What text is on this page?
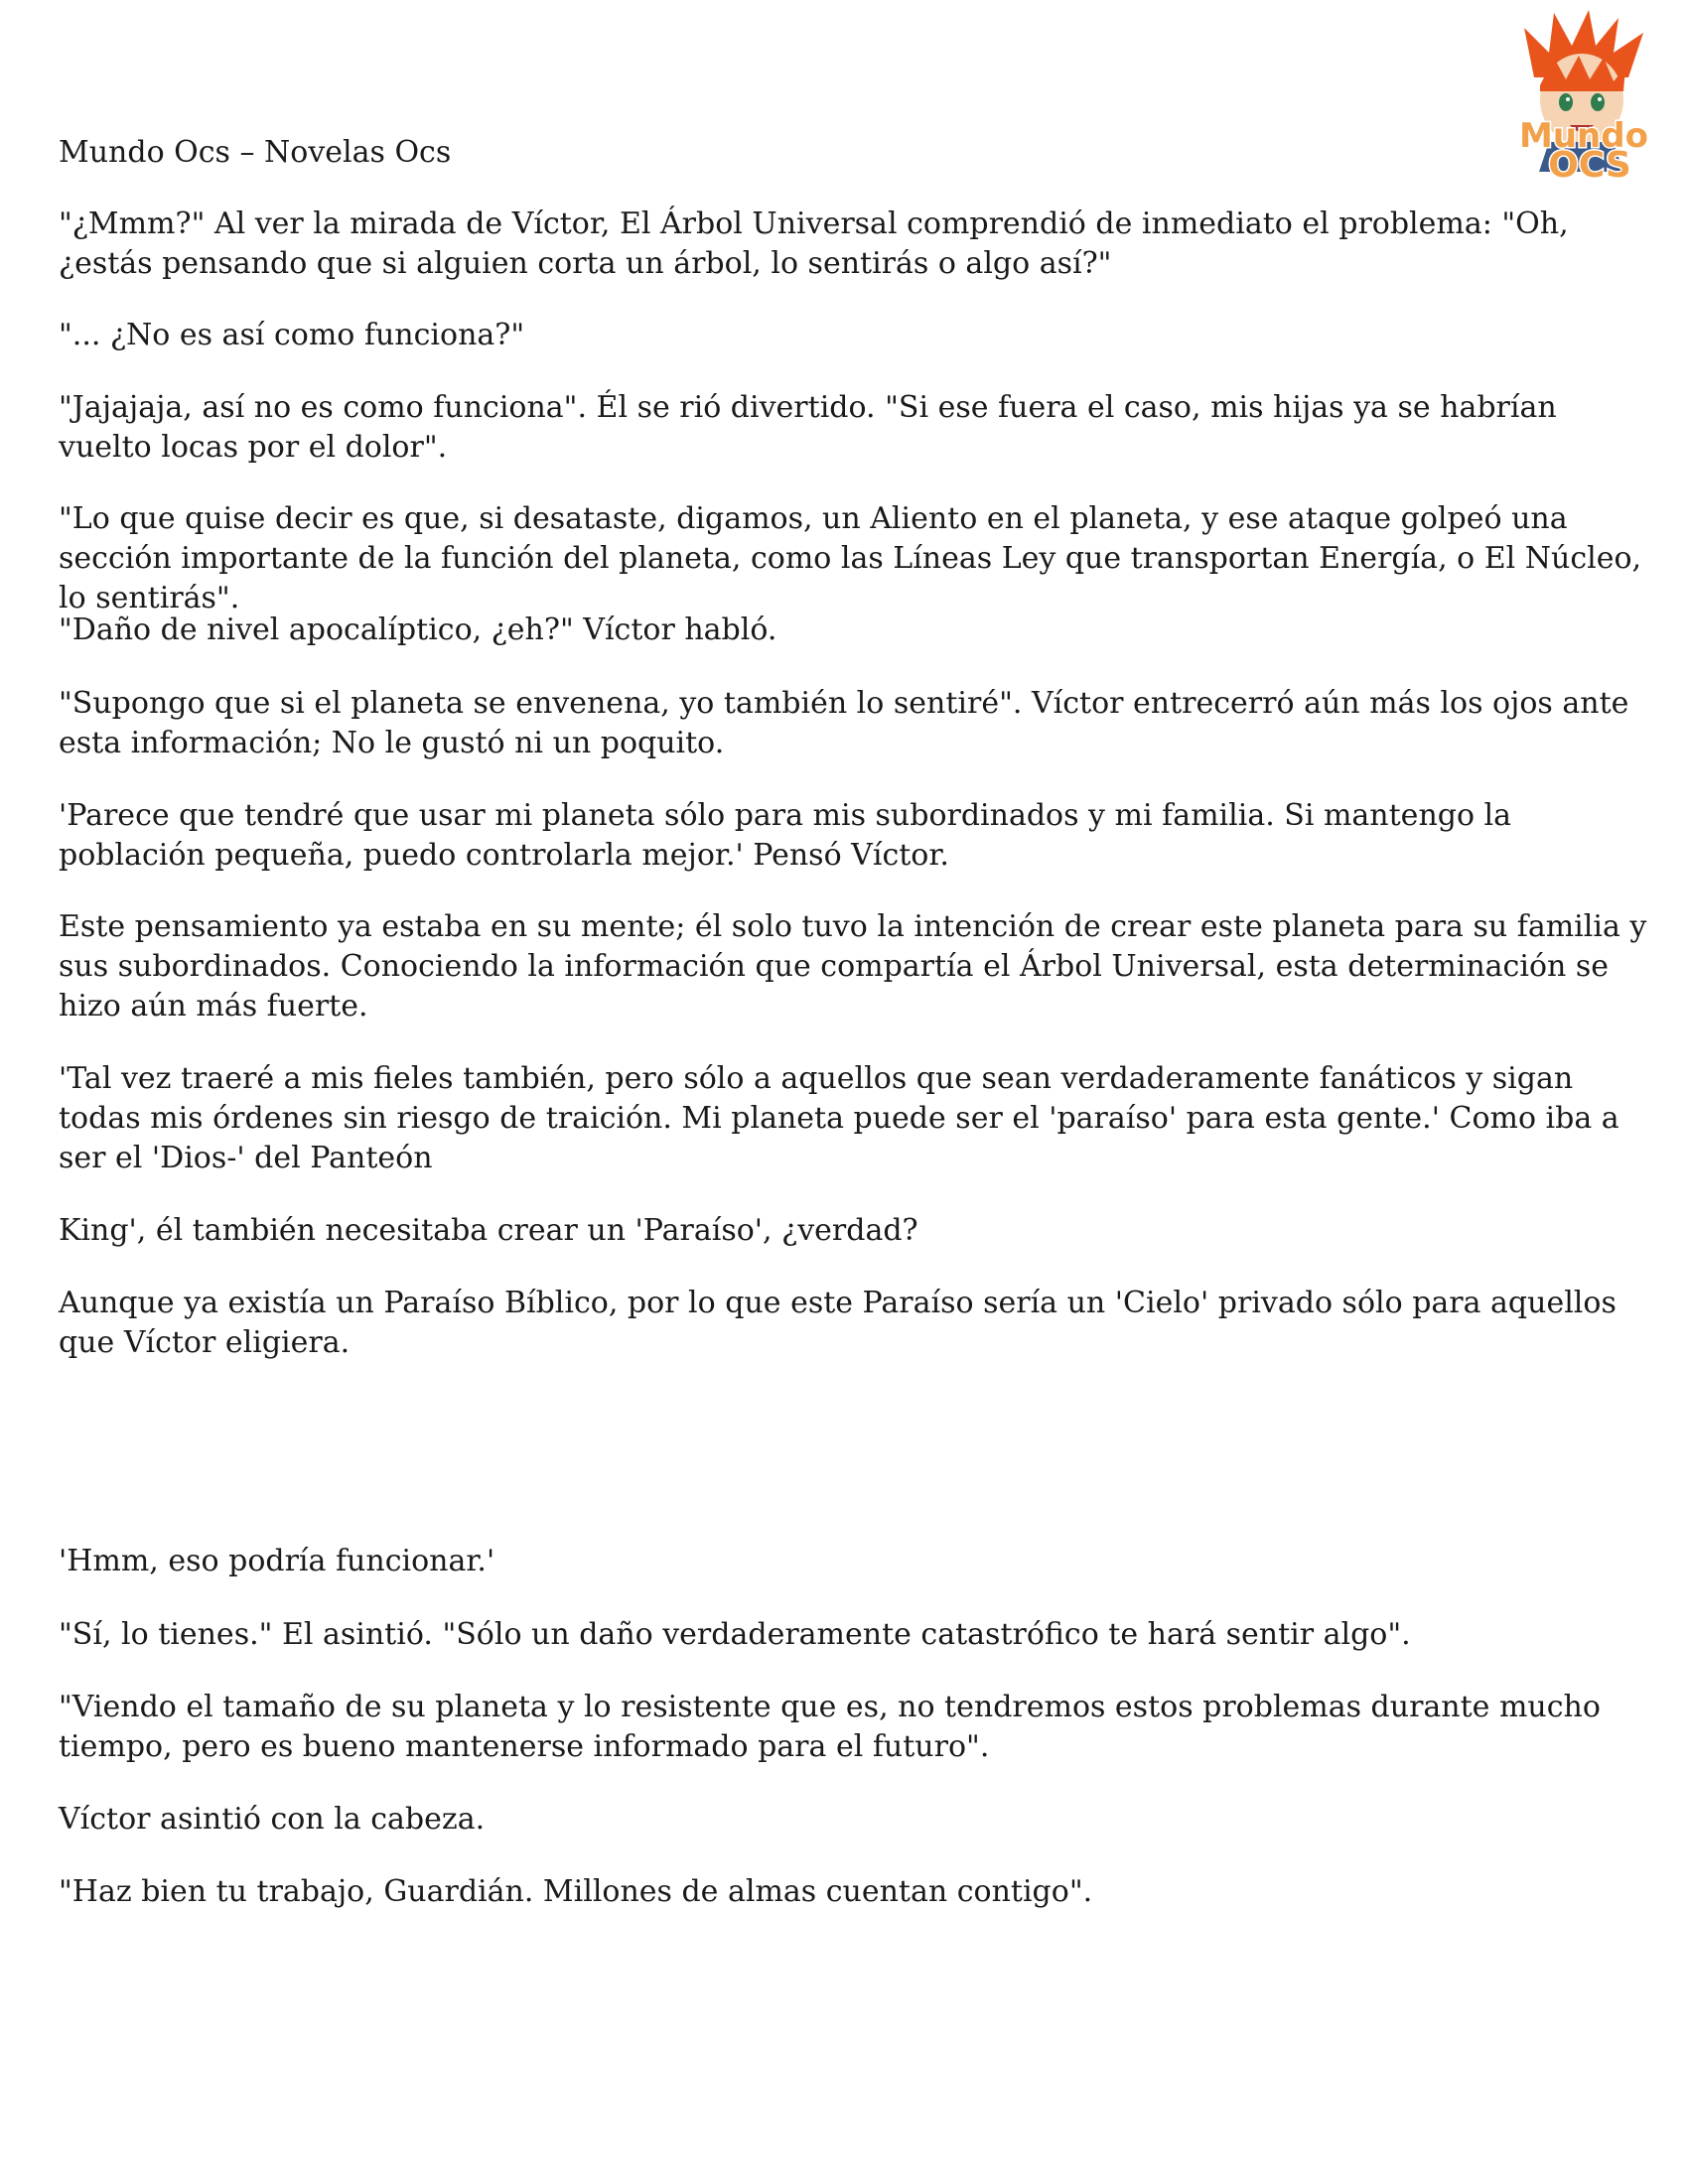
Mundo
OCS
Mundo Ocs – Novelas Ocs

"¿Mmm?" Al ver la mirada de Víctor, El Árbol Universal comprendió de inmediato el problema: "Oh, ¿estás pensando que si alguien corta un árbol, lo sentirás o algo así?"

"... ¿No es así como funciona?"

"Jajajaja, así no es como funciona". Él se rió divertido. "Si ese fuera el caso, mis hijas ya se habrían vuelto locas por el dolor".

"Lo que quise decir es que, si desataste, digamos, un Aliento en el planeta, y ese ataque golpeó una sección importante de la función del planeta, como las Líneas Ley que transportan Energía, o El Núcleo, lo sentirás".

"Daño de nivel apocalíptico, ¿eh?" Víctor habló.

"Supongo que si el planeta se envenena, yo también lo sentiré". Víctor entrecerró aún más los ojos ante esta información; No le gustó ni un poquito.

'Parece que tendré que usar mi planeta sólo para mis subordinados y mi familia. Si mantengo la población pequeña, puedo controlarla mejor.' Pensó Víctor.

Este pensamiento ya estaba en su mente; él solo tuvo la intención de crear este planeta para su familia y sus subordinados. Conociendo la información que compartía el Árbol Universal, esta determinación se hizo aún más fuerte.

'Tal vez traeré a mis fieles también, pero sólo a aquellos que sean verdaderamente fanáticos y sigan todas mis órdenes sin riesgo de traición. Mi planeta puede ser el 'paraíso' para esta gente.' Como iba a ser el 'Dios-' del Panteón

King', él también necesitaba crear un 'Paraíso', ¿verdad?

Aunque ya existía un Paraíso Bíblico, por lo que este Paraíso sería un 'Cielo' privado sólo para aquellos que Víctor eligiera.

'Hmm, eso podría funcionar.'

"Sí, lo tienes." El asintió. "Sólo un daño verdaderamente catastrófico te hará sentir algo".

"Viendo el tamaño de su planeta y lo resistente que es, no tendremos estos problemas durante mucho tiempo, pero es bueno mantenerse informado para el futuro".

Víctor asintió con la cabeza.

"Haz bien tu trabajo, Guardián. Millones de almas cuentan contigo".
